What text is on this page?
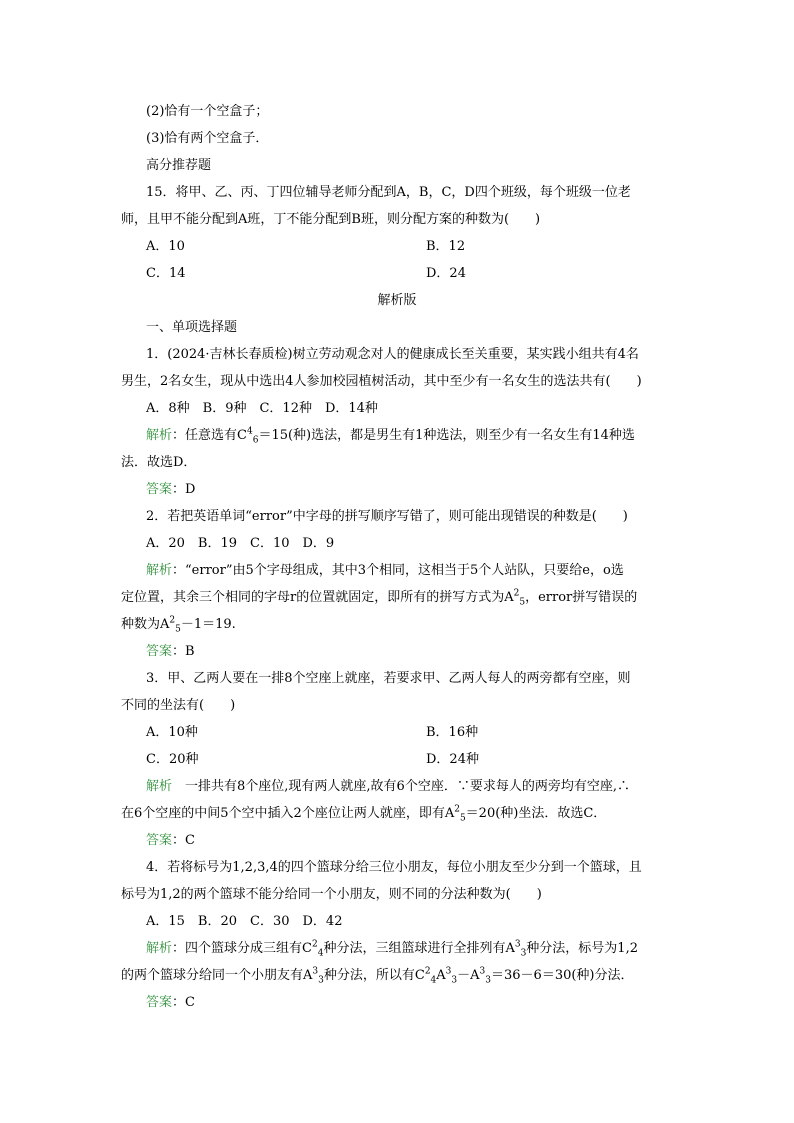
(2)恰有一个空盒子；
(3)恰有两个空盒子．
高分推荐题
15．将甲、乙、丙、丁四位辅导老师分配到A，B，C，D四个班级，每个班级一位老
师，且甲不能分配到A班，丁不能分配到B班，则分配方案的种数为(　　)
A．10	B．12
C．14	D．24
解析版
一、单项选择题
1．(2024·吉林长春质检)树立劳动观念对人的健康成长至关重要，某实践小组共有4名
男生，2名女生，现从中选出4人参加校园植树活动，其中至少有一名女生的选法共有(　　)
A．8种　B．9种　C．12种　D．14种
解析：任意选有$C^4_6=15$(种)选法，都是男生有1种选法，则至少有一名女生有14种选
法．故选D．
答案：D
2．若把英语单词“error”中字母的拼写顺序写错了，则可能出现错误的种数是(　　)
A．20　B．19　C．10　D．9
解析：“error”由5个字母组成，其中3个相同，这相当于5个人站队，只要给e，o选
定位置，其余三个相同的字母r的位置就固定，即所有的拼写方式为$A^2_5$，error拼写错误的
种数为$A^2_5-1=19$.
答案：B
3．甲、乙两人要在一排8个空座上就座，若要求甲、乙两人每人的两旁都有空座，则
不同的坐法有(　　)
A．10种	B．16种
C．20种	D．24种
解析　一排共有8个座位,现有两人就座,故有6个空座．∵要求每人的两旁均有空座,∴
在6个空座的中间5个空中插入2个座位让两人就座，即有$A^2_5=20$(种)坐法．故选C．
答案：C
4．若将标号为1,2,3,4的四个篮球分给三位小朋友，每位小朋友至少分到一个篮球，且
标号为1,2的两个篮球不能分给同一个小朋友，则不同的分法种数为(　　)
A．15　B．20　C．30　D．42
解析：四个篮球分成三组有$C^2_4$种分法，三组篮球进行全排列有$A^3_3$种分法，标号为1,2
的两个篮球分给同一个小朋友有$A^3_3$种分法，所以有$C^2_4A^3_3-A^3_3=36-6=30$(种)分法．
答案：C
